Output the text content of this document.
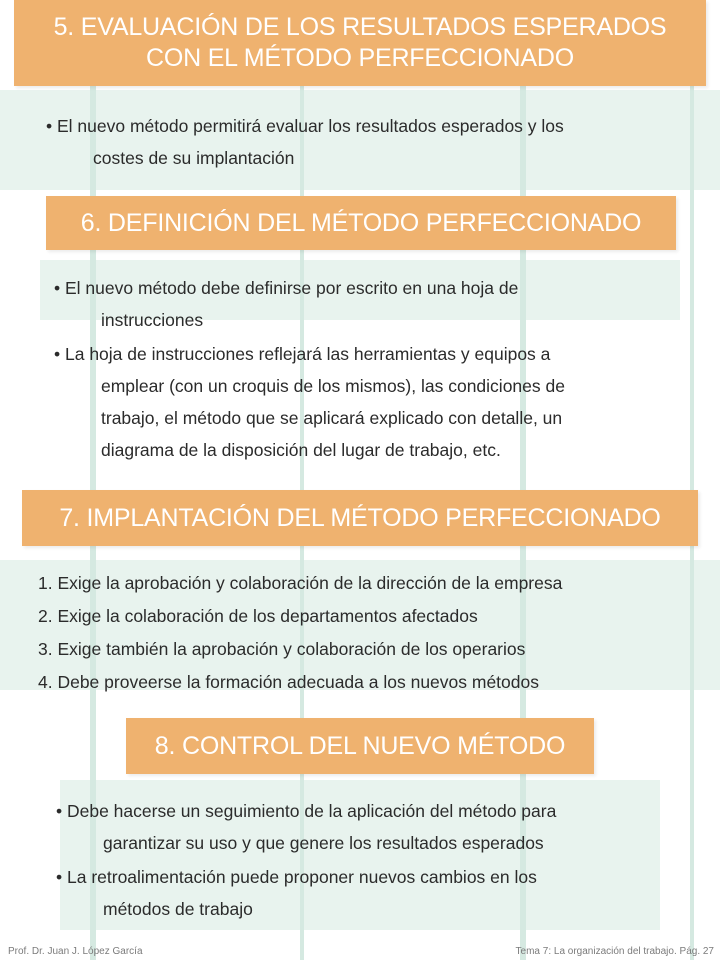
5. EVALUACIÓN DE LOS RESULTADOS ESPERADOS
CON EL MÉTODO PERFECCIONADO
• El nuevo método permitirá evaluar los resultados esperados y los
costes de su implantación
6. DEFINICIÓN DEL MÉTODO PERFECCIONADO
• El nuevo método debe definirse por escrito en una hoja de
instrucciones
• La hoja de instrucciones reflejará las herramientas y equipos a
emplear (con un croquis de los mismos), las condiciones de
trabajo, el método que se aplicará explicado con detalle, un
diagrama de la disposición del lugar de trabajo, etc.
7. IMPLANTACIÓN DEL MÉTODO PERFECCIONADO
1. Exige la aprobación y colaboración de la dirección de la empresa
2. Exige la colaboración de los departamentos afectados
3. Exige también la aprobación y colaboración de los operarios
4. Debe proveerse la formación adecuada a los nuevos métodos
8. CONTROL DEL NUEVO MÉTODO
• Debe hacerse un seguimiento de la aplicación del método para
garantizar su uso y que genere los resultados esperados
• La retroalimentación puede proponer nuevos cambios en los
métodos de trabajo
Prof. Dr. Juan J. López García	Tema 7: La organización del trabajo. Pág. 27
